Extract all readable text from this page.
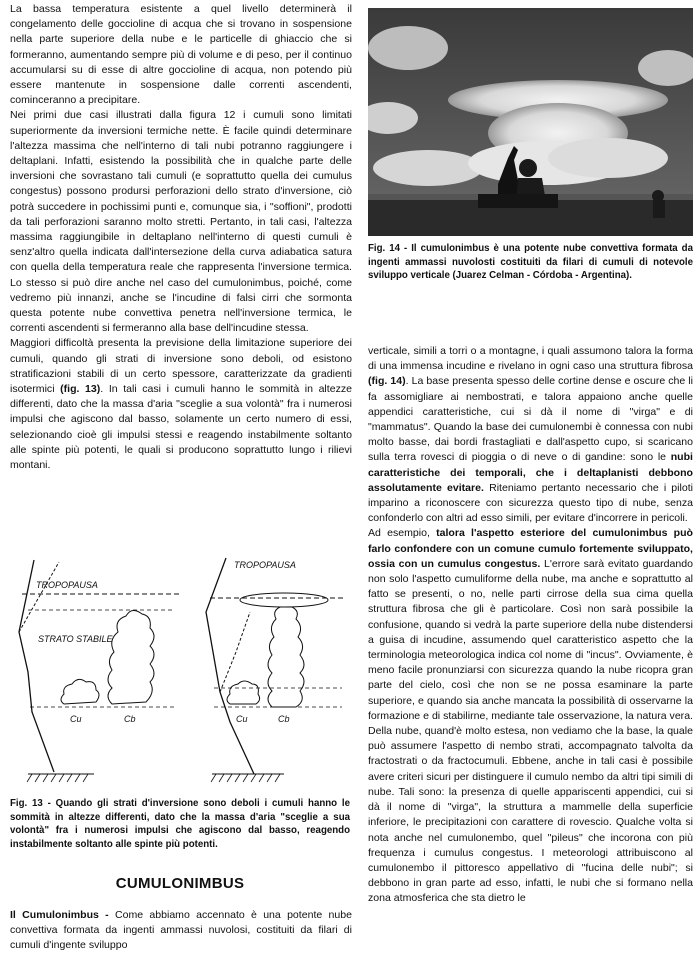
La bassa temperatura esistente a quel livello determinerà il congelamento delle goccioline di acqua che si trovano in sospensione nella parte superiore della nube e le particelle di ghiaccio che si formeranno, aumentando sempre più di volume e di peso, per il continuo accumularsi su di esse di altre goccioline di acqua, non potendo più essere mantenute in sospensione dalle correnti ascendenti, cominceranno a precipitare.

Nei primi due casi illustrati dalla figura 12 i cumuli sono limitati superiormente da inversioni termiche nette. È facile quindi determinare l'altezza massima che nell'interno di tali nubi potranno raggiungere i deltaplani. Infatti, esistendo la possibilità che in qualche parte delle inversioni che sovrastano tali cumuli (e soprattutto quella dei cumulus congestus) possono prodursi perforazioni dello strato d'inversione, ciò potrà succedere in pochissimi punti e, comunque sia, i "soffioni", prodotti da tali perforazioni saranno molto stretti. Pertanto, in tali casi, l'altezza massima raggiungibile in deltaplano nell'interno di questi cumuli è senz'altro quella indicata dall'intersezione della curva adiabatica satura con quella della temperatura reale che rappresenta l'inversione termica. Lo stesso si può dire anche nel caso del cumulonimbus, poiché, come vedremo più innanzi, anche se l'incudine di falsi cirri che sormonta questa potente nube convettiva penetra nell'inversione termica, le correnti ascendenti si fermeranno alla base dell'incudine stessa.

Maggiori difficoltà presenta la previsione della limitazione superiore dei cumuli, quando gli strati di inversione sono deboli, od esistono stratificazioni stabili di un certo spessore, caratterizzate da gradienti isotermici (fig. 13). In tali casi i cumuli hanno le sommità in altezze differenti, dato che la massa d'aria "sceglie a sua volontà" fra i numerosi impulsi che agiscono dal basso, solamente un certo numero di essi, selezionando cioè gli impulsi stessi e reagendo instabilmente soltanto alle spinte più potenti, le quali si producono soprattutto lungo i rilievi montani.

TROPOPAUSA
STRATO STABILE
Cu	Cb
TROPOPAUSA
Cu	Cb
Fig. 13 - Quando gli strati d'inversione sono deboli i cumuli hanno le sommità in altezze differenti, dato che la massa d'aria "sceglie a sua volontà" fra i numerosi impulsi che agiscono dal basso, reagendo instabilmente soltanto alle spinte più potenti.
CUMULONIMBUS
Il Cumulonimbus - Come abbiamo accennato è una potente nube convettiva formata da ingenti ammassi nuvolosi, costituiti da filari di cumuli d'ingente sviluppo
Fig. 14 - Il cumulonimbus è una potente nube convettiva formata da ingenti ammassi nuvolosti costituiti da filari di cumuli di notevole sviluppo verticale (Juarez Celman - Córdoba - Argentina).

verticale, simili a torri o a montagne, i quali assumono talora la forma di una immensa incudine e rivelano in ogni caso una struttura fibrosa (fig. 14). La base presenta spesso delle cortine dense e oscure che li fa assomigliare ai nembostrati, e talora appaiono anche quelle appendici caratteristiche, cui si dà il nome di "virga" e di "mammatus". Quando la base dei cumulonembi è connessa con nubi molto basse, dai bordi frastagliati e dall'aspetto cupo, si scaricano sulla terra rovesci di pioggia o di neve o di gandine: sono le nubi caratteristiche dei temporali, che i deltaplanisti debbono assolutamente evitare. Riteniamo pertanto necessario che i piloti imparino a riconoscere con sicurezza questo tipo di nube, senza confonderlo con altri ad esso simili, per evitare d'incorrere in pericoli.

Ad esempio, talora l'aspetto esteriore del cumulonimbus può farlo confondere con un comune cumulo fortemente sviluppato, ossia con un cumulus congestus. L'errore sarà evitato guardando non solo l'aspetto cumuliforme della nube, ma anche e soprattutto al fatto se presenti, o no, nelle parti cirrose della sua cima quella struttura fibrosa che gli è particolare. Così non sarà possibile la confusione, quando si vedrà la parte superiore della nube distendersi a guisa di incudine, assumendo quel caratteristico aspetto che la terminologia meteorologica indica col nome di "incus". Ovviamente, è meno facile pronunziarsi con sicurezza quando la nube ricopra gran parte del cielo, così che non se ne possa esaminare la parte superiore, e quando sia anche mancata la possibilità di osservarne la formazione e di stabilirne, mediante tale osservazione, la natura vera. Della nube, quand'è molto estesa, non vediamo che la base, la quale può assumere l'aspetto di nembo strati, accompagnato talvolta da fractostrati o da fractocumuli. Ebbene, anche in tali casi è possibile avere criteri sicuri per distinguere il cumulo nembo da altri tipi simili di nube. Tali sono: la presenza di quelle appariscenti appendici, cui si dà il nome di "virga", la struttura a mammelle della superficie inferiore, le precipitazioni con carattere di rovescio. Qualche volta si nota anche nel cumulonembo, quel "pileus" che incorona con più frequenza i cumulus congestus. I meteorologi attribuiscono al cumulonembo il pittoresco appellativo di "fucina delle nubi"; si debbono in gran parte ad esso, infatti, le nubi che si formano nella zona atmosferica che sta dietro le
